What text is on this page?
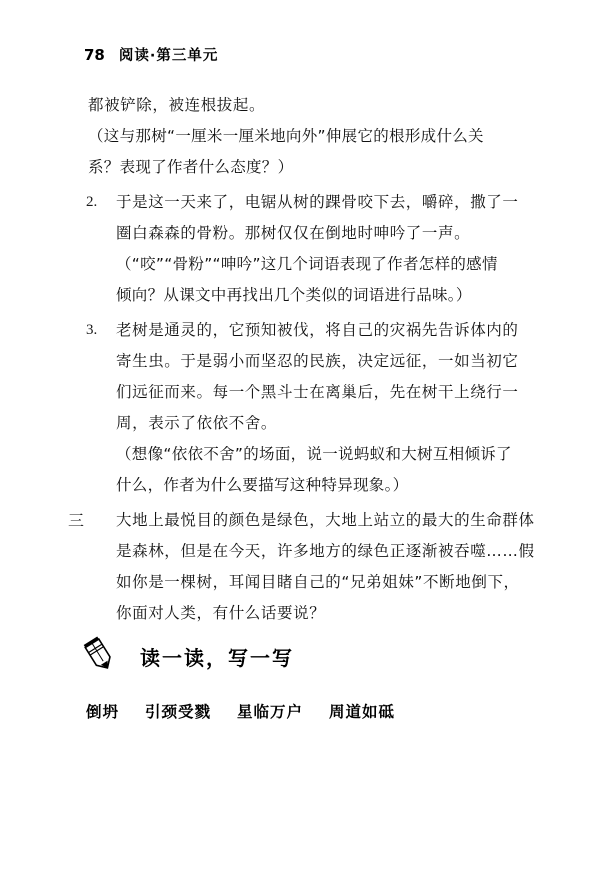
78 阅读·第三单元
都被铲除，被连根拔起。
（这与那树“一厘米一厘米地向外”伸展它的根形成什么关
系？表现了作者什么态度？）
2. 于是这一天来了，电锯从树的踝骨咬下去，嚼碎，撒了一
圈白森森的骨粉。那树仅仅在倒地时呻吟了一声。
（“咬”“骨粉”“呻吟”这几个词语表现了作者怎样的感情
倾向？从课文中再找出几个类似的词语进行品味。）
3. 老树是通灵的，它预知被伐，将自己的灾祸先告诉体内的
寄生虫。于是弱小而坚忍的民族，决定远征，一如当初它
们远征而来。每一个黑斗士在离巢后，先在树干上绕行一
周，表示了依依不舍。
（想像“依依不舍”的场面，说一说蚂蚁和大树互相倾诉了
什么，作者为什么要描写这种特异现象。）
三 大地上最悦目的颜色是绿色，大地上站立的最大的生命群体
是森林，但是在今天，许多地方的绿色正逐渐被吞噬……假
如你是一棵树，耳闻目睹自己的“兄弟姐妹”不断地倒下，
你面对人类，有什么话要说？
读一读，写一写
倒坍 引颈受戮 星临万户 周道如砥
